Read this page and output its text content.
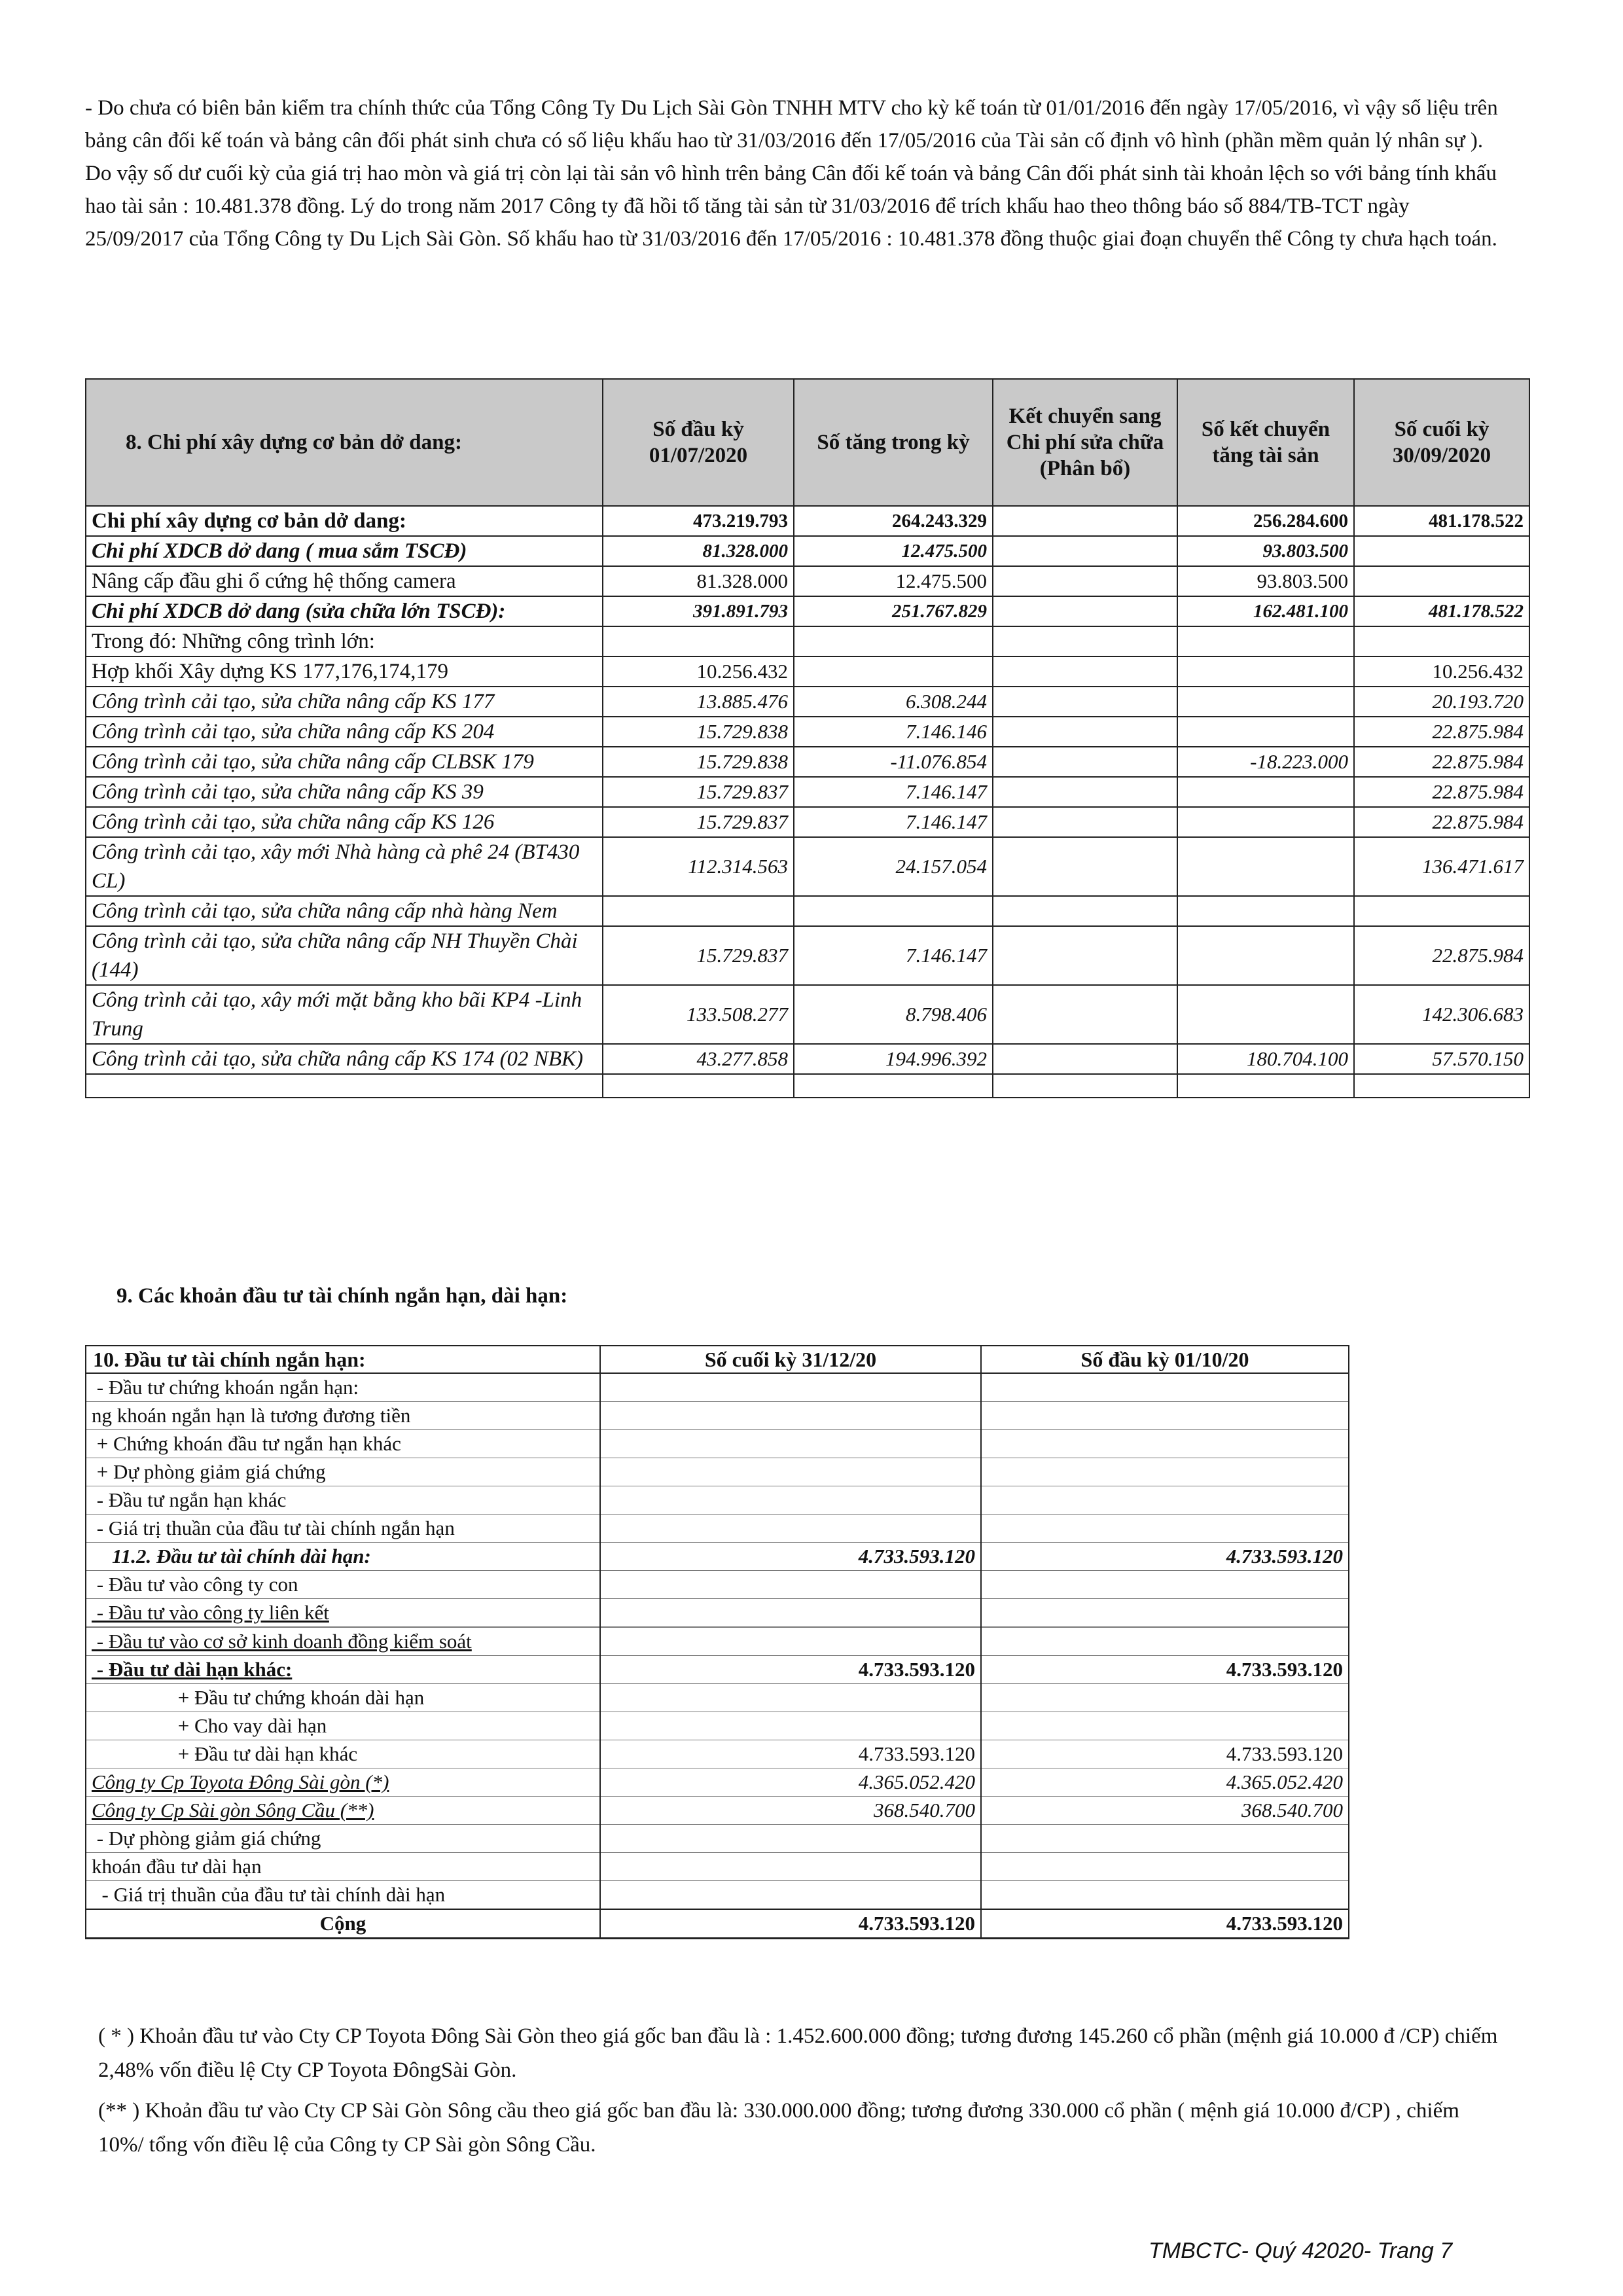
- Do chưa có biên bản kiểm tra chính thức của Tổng Công Ty Du Lịch Sài Gòn TNHH MTV cho kỳ kế toán từ 01/01/2016 đến ngày 17/05/2016, vì vậy số liệu trên bảng cân đối kế toán và bảng cân đối phát sinh chưa có số liệu khấu hao từ 31/03/2016 đến 17/05/2016 của Tài sản cố định vô hình (phần mềm quản lý nhân sự ). Do vậy số dư cuối kỳ của giá trị hao mòn và giá trị còn lại tài sản vô hình trên bảng Cân đối kế toán và bảng Cân đối phát sinh tài khoản lệch so với bảng tính khấu hao tài sản : 10.481.378 đồng. Lý do trong năm 2017 Công ty đã hồi tố tăng tài sản từ 31/03/2016 để trích khấu hao theo thông báo số 884/TB-TCT ngày 25/09/2017 của Tổng Công ty Du Lịch Sài Gòn. Số khấu hao từ 31/03/2016 đến 17/05/2016 : 10.481.378 đồng thuộc giai đoạn chuyển thể Công ty chưa hạch toán.

8. Chi phí xây dựng cơ bản dở dang:	Số đầu kỳ 01/07/2020	Số tăng trong kỳ	Kết chuyển sang Chi phí sửa chữa (Phân bổ)	Số kết chuyển tăng tài sản	Số cuối kỳ 30/09/2020
Chi phí xây dựng cơ bản dở dang:	473.219.793	264.243.329		256.284.600	481.178.522
Chi phí XDCB dở dang ( mua sắm TSCĐ)	81.328.000	12.475.500		93.803.500	
Nâng cấp đầu ghi ổ cứng hệ thống camera	81.328.000	12.475.500		93.803.500	
Chi phí XDCB dở dang (sửa chữa lớn TSCĐ):	391.891.793	251.767.829		162.481.100	481.178.522
Trong đó: Những công trình lớn:					
Hợp khối Xây dựng KS 177,176,174,179	10.256.432				10.256.432
Công trình cải tạo, sửa chữa nâng cấp KS 177	13.885.476	6.308.244			20.193.720
Công trình cải tạo, sửa chữa nâng cấp KS 204	15.729.838	7.146.146			22.875.984
Công trình cải tạo, sửa chữa nâng cấp CLBSK 179	15.729.838	-11.076.854		-18.223.000	22.875.984
Công trình cải tạo, sửa chữa nâng cấp KS 39	15.729.837	7.146.147			22.875.984
Công trình cải tạo, sửa chữa nâng cấp KS 126	15.729.837	7.146.147			22.875.984
Công trình cải tạo, xây mới Nhà hàng cà phê 24 (BT430 CL)	112.314.563	24.157.054			136.471.617
Công trình cải tạo, sửa chữa nâng cấp nhà hàng Nem					
Công trình cải tạo, sửa chữa nâng cấp NH Thuyền Chài (144)	15.729.837	7.146.147			22.875.984
Công trình cải tạo, xây mới mặt bằng kho bãi KP4 -Linh Trung	133.508.277	8.798.406			142.306.683
Công trình cải tạo, sửa chữa nâng cấp KS 174 (02 NBK)	43.277.858	194.996.392		180.704.100	57.570.150

9. Các khoản đầu tư tài chính ngắn hạn, dài hạn:
10. Đầu tư tài chính ngắn hạn:	Số cuối kỳ 31/12/20	Số đầu kỳ 01/10/20
- Đầu tư chứng khoán ngắn hạn:		
ng khoán ngắn hạn là tương đương tiền		
+ Chứng khoán đầu tư ngắn hạn khác		
+ Dự phòng giảm giá chứng		
- Đầu tư ngắn hạn khác		
- Giá trị thuần của đầu tư tài chính ngắn hạn		
11.2. Đầu tư tài chính dài hạn:	4.733.593.120	4.733.593.120
- Đầu tư vào công ty con		
- Đầu tư vào công ty liên kết		

- Đầu tư vào cơ sở kinh doanh đồng kiểm soát		
- Đầu tư dài hạn khác:	4.733.593.120	4.733.593.120
+ Đầu tư chứng khoán dài hạn		
+ Cho vay dài hạn		
+ Đầu tư dài hạn khác	4.733.593.120	4.733.593.120
Công ty Cp Toyota Đông Sài gòn (*)	4.365.052.420	4.365.052.420
Công ty Cp Sài gòn Sông Cầu (**)	368.540.700	368.540.700
- Dự phòng giảm giá chứng		
khoán đầu tư dài hạn		
- Giá trị thuần của đầu tư tài chính dài hạn		
Cộng	4.733.593.120	4.733.593.120

( * ) Khoản đầu tư vào Cty CP Toyota Đông Sài Gòn theo giá gốc ban đầu là : 1.452.600.000 đồng; tương đương 145.260 cổ phần (mệnh giá 10.000 đ /CP) chiếm 2,48% vốn điều lệ Cty CP Toyota ĐôngSài Gòn.

(** ) Khoản đầu tư vào Cty CP Sài Gòn Sông cầu theo giá gốc ban đầu là: 330.000.000 đồng; tương đương 330.000 cổ phần ( mệnh giá 10.000 đ/CP) , chiếm 10%/ tổng vốn điều lệ của Công ty CP Sài gòn Sông Cầu.

TMBCTC- Quý 42020- Trang 7
